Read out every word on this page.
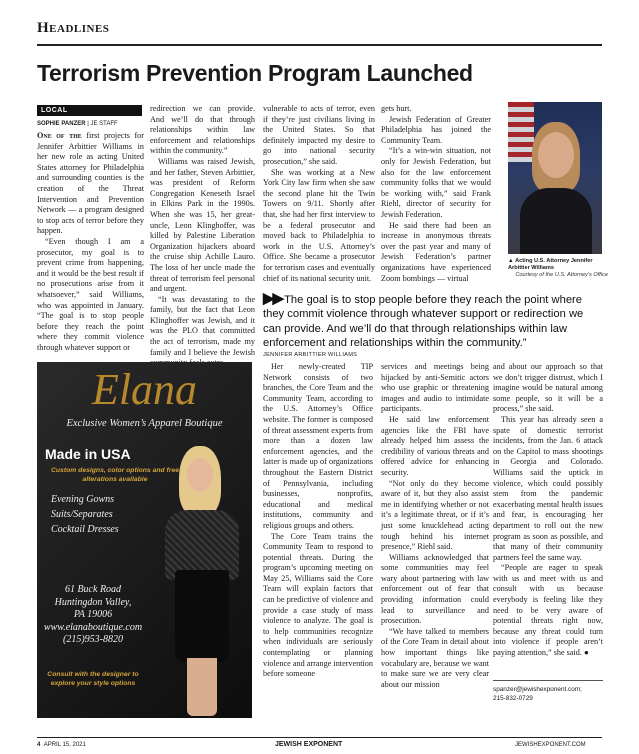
Headlines
Terrorism Prevention Program Launched
LOCAL
SOPHIE PANZER | JE STAFF

One of the first projects for Jennifer Arbittier Williams in her new role as acting United States attorney for Philadelphia and surrounding counties is the creation of the Threat Intervention and Prevention Network — a program designed to stop acts of terror before they happen.

“Even though I am a prosecutor, my goal is to prevent crime from happening, and it would be the best result if no prosecutions arise from it whatsoever,” said Williams, who was appointed in January. “The goal is to stop people before they reach the point where they commit violence through whatever support or

redirection we can provide. And we’ll do that through relationships within law enforcement and relationships within the community.”

Williams was raised Jewish, and her father, Steven Arbittier, was president of Reform Congregation Keneseth Israel in Elkins Park in the 1990s. When she was 15, her great-uncle, Leon Klinghoffer, was killed by Palestine Liberation Organization hijackers aboard the cruise ship Achille Lauro. The loss of her uncle made the threat of terrorism feel personal and urgent.

“It was devastating to the family, but the fact that Leon Klinghoffer was Jewish, and it was the PLO that committed the act of terrorism, made my family and I believe the Jewish

vulnerable to acts of terror, even if they’re just civilians living in the United States. So that definitely impacted my desire to go into national security prosecution,” she said.

She was working at a New York City law firm when she saw the second plane hit the Twin Towers on 9/11. Shortly after that, she had her first interview to be a federal prosecutor and moved back to Philadelphia to work in the U.S. Attorney’s Office. She became a prosecutor for terrorism cases and eventually chief of its national security unit.

gets hurt.

Jewish Federation of Greater Philadelphia has joined the Community Team.

“It’s a win-win situation, not only for Jewish Federation, but also for the law enforcement community folks that we would be working with,” said Frank Riehl, director of security for Jewish Federation.

He said there had been an increase in anonymous threats over the past year and many of Jewish Federation’s partner organizations have experienced Zoom bombings — virtual

▲ Acting U.S. Attorney Jennifer Arbittier Williams
Courtesy of the U.S. Attorney’s Office
▶▶ The goal is to stop people before they reach the point where they commit violence through whatever support or redirection we can provide. And we’ll do that through relationships within law enforcement and relationships within the community.”
JENNIFER ARBITTIER WILLIAMS
Elana
Exclusive Women’s Apparel Boutique
Made in USA
Custom designs, color options and free alterations available
Evening Gowns
Suits/Separates
Cocktail Dresses
61 Buck Road
Huntingdon Valley,
PA 19006
www.elanaboutique.com
(215)953-8820
Consult with the designer to explore your style options

Her newly-created TIP Network consists of two branches, the Core Team and the Community Team, according to the U.S. Attorney’s Office website. The former is composed of threat assessment experts from more than a dozen law enforcement agencies, and the latter is made up of organizations throughout the Eastern District of Pennsylvania, including businesses, nonprofits, educational and medical institutions, community and religious groups and others.

The Core Team trains the Community Team to respond to potential threats. During the program’s upcoming meeting on May 25, Williams said the Core Team will explain factors that can be predictive of violence and provide a case study of mass violence to analyze. The goal is to help communities recognize when individuals are seriously contemplating or planning violence and arrange intervention before someone

services and meetings being hijacked by anti-Semitic actors who use graphic or threatening images and audio to intimidate participants.

He said law enforcement agencies like the FBI have already helped him assess the credibility of various threats and offered advice for enhancing security.

“Not only do they become aware of it, but they also assist me in identifying whether or not it’s a legitimate threat, or if it’s just some knucklehead acting tough behind his internet presence,” Riehl said.

Williams acknowledged that some communities may feel wary about partnering with law enforcement out of fear that providing information could lead to surveillance and prosecution.

“We have talked to members of the Core Team in detail about how important things like vocabulary are, because we want to make sure we are very clear about our mission

and about our approach so that we don’t trigger distrust, which I imagine would be natural among some people, so it will be a process,” she said.

This year has already seen a spate of domestic terrorist incidents, from the Jan. 6 attack on the Capitol to mass shootings in Georgia and Colorado. Williams said the uptick in violence, which could possibly stem from the pandemic exacerbating mental health issues and fear, is encouraging her department to roll out the new program as soon as possible, and that many of their community partners feel the same way.

“People are eager to speak with us and meet with us and consult with us because everybody is feeling like they need to be very aware of potential threats right now, because any threat could turn into violence if people aren’t paying attention,” she said. ●

spanzer@jewishexponent.com;
215-832-0729
4 APRIL 15, 2021	JEWISH EXPONENT	JEWISHEXPONENT.COM
